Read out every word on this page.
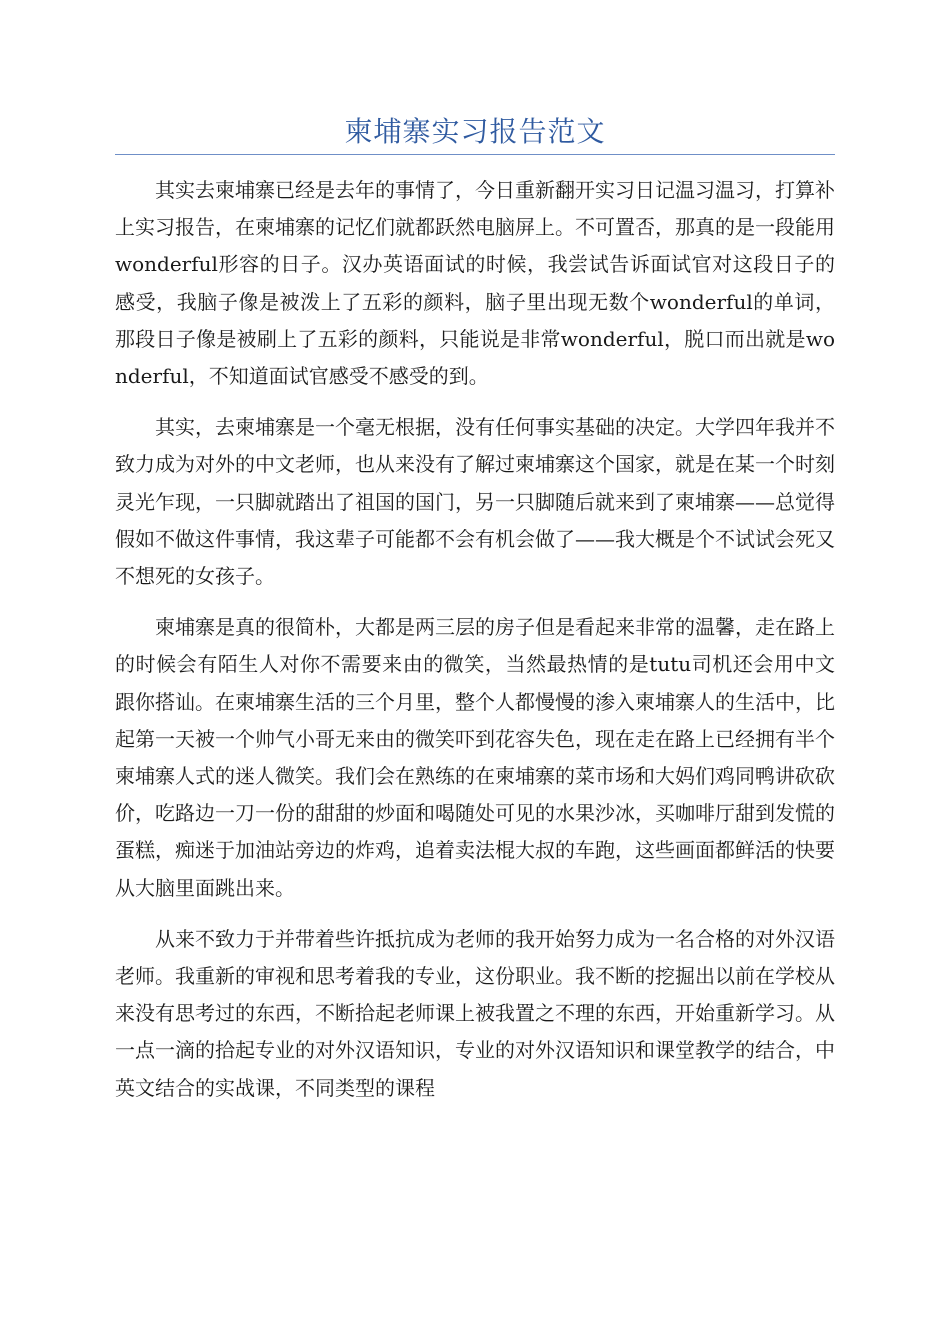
柬埔寨实习报告范文

其实去柬埔寨已经是去年的事情了，今日重新翻开实习日记温习温习，打算补上实习报告，在柬埔寨的记忆们就都跃然电脑屏上。不可置否，那真的是一段能用wonderful形容的日子。汉办英语面试的时候，我尝试告诉面试官对这段日子的感受，我脑子像是被泼上了五彩的颜料，脑子里出现无数个wonderful的单词，那段日子像是被刷上了五彩的颜料，只能说是非常wonderful，脱口而出就是wonderful，不知道面试官感受不感受的到。

其实，去柬埔寨是一个毫无根据，没有任何事实基础的决定。大学四年我并不致力成为对外的中文老师，也从来没有了解过柬埔寨这个国家，就是在某一个时刻灵光乍现，一只脚就踏出了祖国的国门，另一只脚随后就来到了柬埔寨——总觉得假如不做这件事情，我这辈子可能都不会有机会做了——我大概是个不试试会死又不想死的女孩子。

柬埔寨是真的很简朴，大都是两三层的房子但是看起来非常的温馨，走在路上的时候会有陌生人对你不需要来由的微笑，当然最热情的是tutu司机还会用中文跟你搭讪。在柬埔寨生活的三个月里，整个人都慢慢的渗入柬埔寨人的生活中，比起第一天被一个帅气小哥无来由的微笑吓到花容失色，现在走在路上已经拥有半个柬埔寨人式的迷人微笑。我们会在熟练的在柬埔寨的菜市场和大妈们鸡同鸭讲砍砍价，吃路边一刀一份的甜甜的炒面和喝随处可见的水果沙冰，买咖啡厅甜到发慌的蛋糕，痴迷于加油站旁边的炸鸡，追着卖法棍大叔的车跑，这些画面都鲜活的快要从大脑里面跳出来。

从来不致力于并带着些许抵抗成为老师的我开始努力成为一名合格的对外汉语老师。我重新的审视和思考着我的专业，这份职业。我不断的挖掘出以前在学校从来没有思考过的东西，不断拾起老师课上被我置之不理的东西，开始重新学习。从一点一滴的拾起专业的对外汉语知识，专业的对外汉语知识和课堂教学的结合，中英文结合的实战课，不同类型的课程
